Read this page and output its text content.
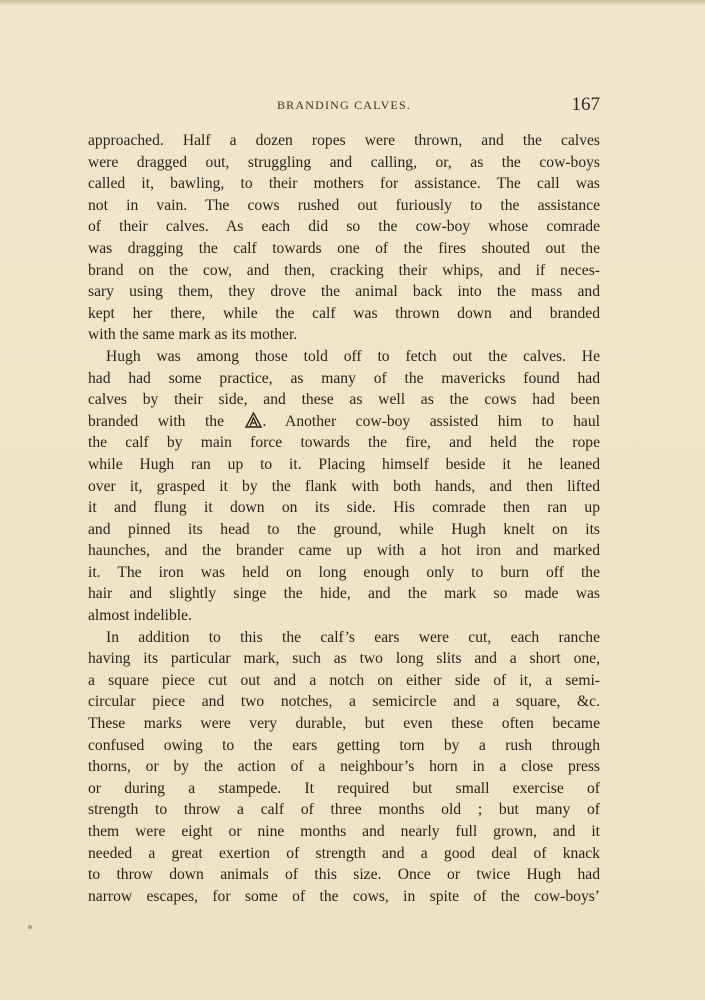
BRANDING CALVES.	167
approached. Half a dozen ropes were thrown, and the calves
were dragged out, struggling and calling, or, as the cow-boys
called it, bawling, to their mothers for assistance. The call was
not in vain. The cows rushed out furiously to the assistance
of their calves. As each did so the cow-boy whose comrade
was dragging the calf towards one of the fires shouted out the
brand on the cow, and then, cracking their whips, and if neces-
sary using them, they drove the animal back into the mass and
kept her there, while the calf was thrown down and branded
with the same mark as its mother.
Hugh was among those told off to fetch out the calves. He
had had some practice, as many of the mavericks found had
calves by their side, and these as well as the cows had been
branded with the . Another cow-boy assisted him to haul
the calf by main force towards the fire, and held the rope
while Hugh ran up to it. Placing himself beside it he leaned
over it, grasped it by the flank with both hands, and then lifted
it and flung it down on its side. His comrade then ran up
and pinned its head to the ground, while Hugh knelt on its
haunches, and the brander came up with a hot iron and marked
it. The iron was held on long enough only to burn off the
hair and slightly singe the hide, and the mark so made was
almost indelible.
In addition to this the calf’s ears were cut, each ranche
having its particular mark, such as two long slits and a short one,
a square piece cut out and a notch on either side of it, a semi-
circular piece and two notches, a semicircle and a square, &c.
These marks were very durable, but even these often became
confused owing to the ears getting torn by a rush through
thorns, or by the action of a neighbour’s horn in a close press
or during a stampede. It required but small exercise of
strength to throw a calf of three months old ; but many of
them were eight or nine months and nearly full grown, and it
needed a great exertion of strength and a good deal of knack
to throw down animals of this size. Once or twice Hugh had
narrow escapes, for some of the cows, in spite of the cow-boys’
